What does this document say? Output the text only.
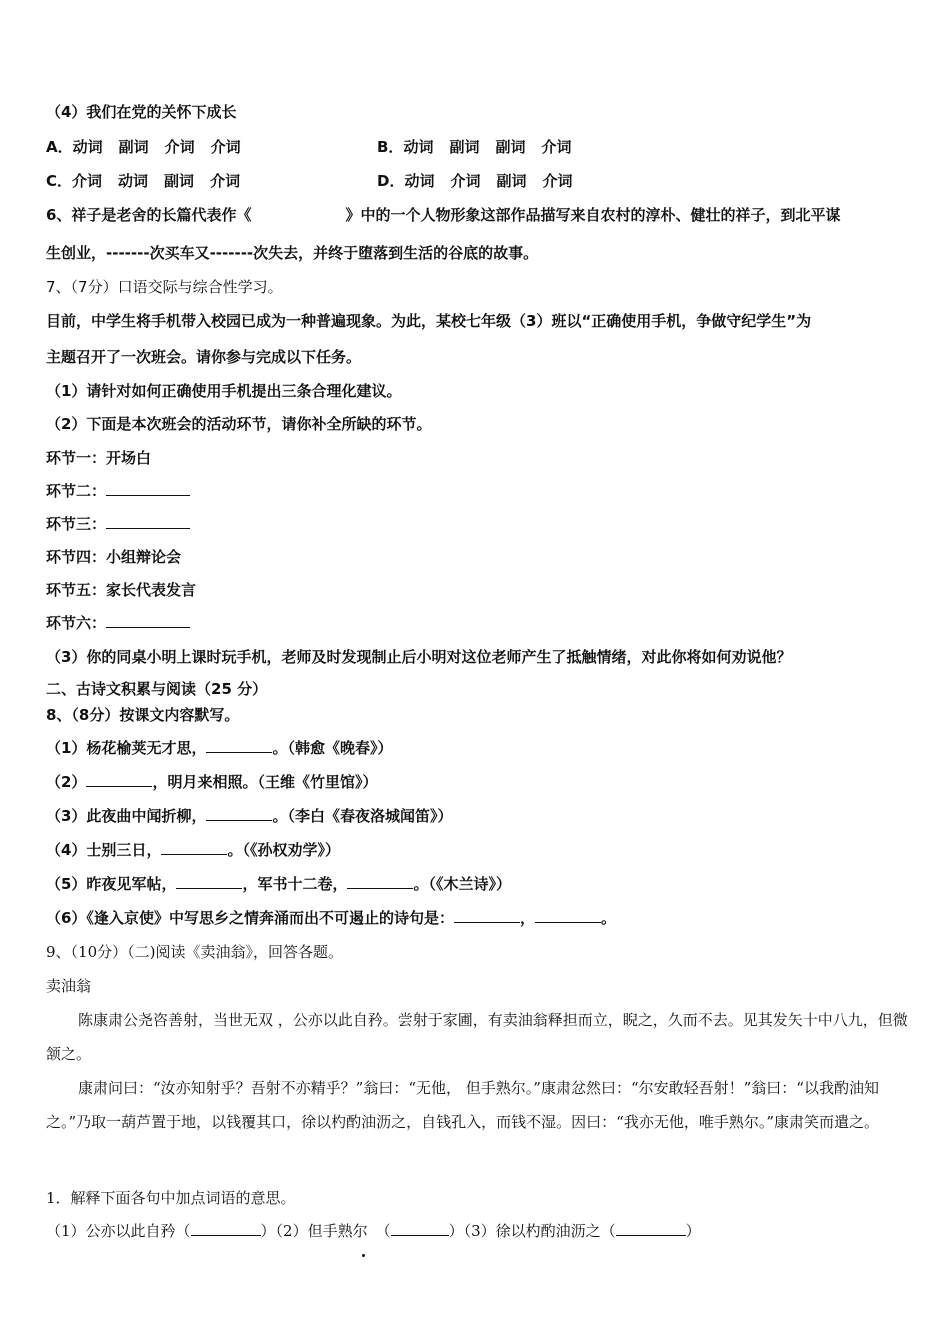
（4）我们在党的关怀下成长
A．动词 副词 介词 介词	B．动词 副词 副词 介词
C．介词 动词 副词 介词	D．动词 介词 副词 介词
6、祥子是老舍的长篇代表作《	》中的一个人物形象这部作品描写来自农村的淳朴、健壮的祥子，到北平谋
生创业，-------次买车又-------次失去，并终于堕落到生活的谷底的故事。
7、（7分）口语交际与综合性学习。
目前，中学生将手机带入校园已成为一种普遍现象。为此，某校七年级（3）班以“正确使用手机，争做守纪学生”为
主题召开了一次班会。请你参与完成以下任务。
（1）请针对如何正确使用手机提出三条合理化建议。
（2）下面是本次班会的活动环节，请你补全所缺的环节。
环节一：开场白
环节二：
环节三：
环节四：小组辩论会
环节五：家长代表发言
环节六：
（3）你的同桌小明上课时玩手机，老师及时发现制止后小明对这位老师产生了抵触情绪，对此你将如何劝说他？
二、古诗文积累与阅读（25 分）
8、（8分）按课文内容默写。
（1）杨花榆荚无才思，	。（韩愈《晚春》）
（2）	，明月来相照。（王维《竹里馆》）
（3）此夜曲中闻折柳，	。（李白《春夜洛城闻笛》）
（4）士别三日，	。（《孙权劝学》）
（5）昨夜见军帖，	，军书十二卷，	。（《木兰诗》）
（6）《逢入京使》中写思乡之情奔涌而出不可遏止的诗句是：	，	。
9、（10分）（二)阅读《卖油翁》，回答各题。
卖油翁
陈康肃公尧咨善射，当世无双 ，公亦以此自矜。尝射于家圃，有卖油翁释担而立，睨之，久而不去。见其发矢十中八九，但微颔之。
康肃问曰：“汝亦知射乎？吾射不亦精乎？”翁曰：“无他， 但手熟尔。”康肃忿然曰：“尔安敢轻吾射！”翁曰：“以我酌油知之。”乃取一葫芦置于地，以钱覆其口，徐以杓酌油沥之，自钱孔入，而钱不湿。因曰：“我亦无他，唯手熟尔。”康肃笑而遣之。
1．解释下面各句中加点词语的意思。
（1）公亦以此自矜（	）（2）但手熟尔 （	）（3）徐以杓酌油沥之（	）
